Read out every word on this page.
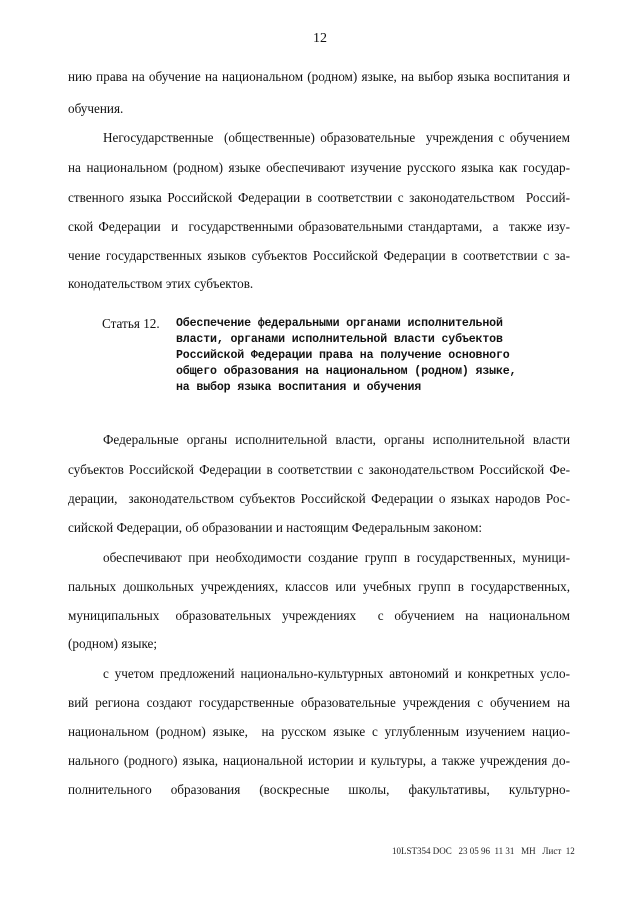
12
нию права на обучение на национальном (родном) языке, на выбор языка воспитания и
обучения.
Негосударственные  (общественные) образовательные  учреждения с обучением
на национальном (родном) языке обеспечивают изучение русского языка как государ-
ственного языка Российской Федерации в соответствии с законодательством  Россий-
ской Федерации  и  государственными образовательными стандартами,  а  также изу-
чение государственных языков субъектов Российской Федерации в соответствии с за-
конодательством этих субъектов.

Статья 12.

Обеспечение федеральными органами исполнительной

власти, органами исполнительной власти субъектов

Российской Федерации права на получение основного

общего образования на национальном (родном) языке,

на выбор языка воспитания и обучения

Федеральные органы исполнительной власти, органы исполнительной власти
субъектов Российской Федерации в соответствии с законодательством Российской Фе-
дерации,  законодательством субъектов Российской Федерации о языках народов Рос-
сийской Федерации, об образовании и настоящим Федеральным законом:
обеспечивают при необходимости создание групп в государственных, муници-
пальных дошкольных учреждениях, классов или учебных групп в государственных,
муниципальных   образовательных  учреждениях    с  обучением  на  национальном
(родном) языке;
с учетом предложений национально-культурных автономий и конкретных усло-
вий региона создают государственные образовательные учреждения с обучением на
национальном (родном) языке,  на русском языке с углубленным изучением нацио-
нального (родного) языка, национальной истории и культуры, а также учреждения до-
полнительного    образования    (воскресные    школы,    факультативы,    культурно-
10LST354 DOC   23 05 96  11 31   MH   Лист  12
